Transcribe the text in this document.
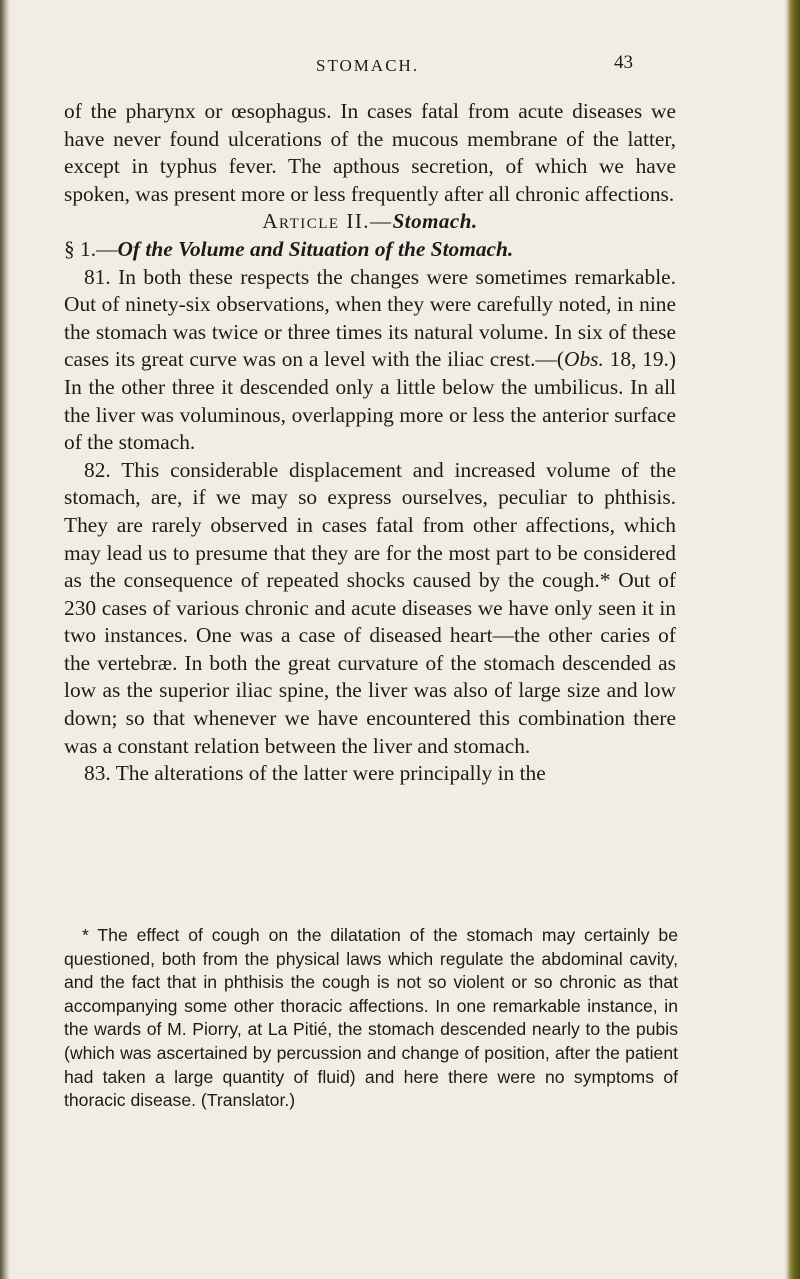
STOMACH.	43

of the pharynx or œsophagus. In cases fatal from acute diseases we have never found ulcerations of the mucous membrane of the latter, except in typhus fever. The apthous secretion, of which we have spoken, was present more or less frequently after all chronic affections.

Article II.—Stomach.

§ 1.—Of the Volume and Situation of the Stomach.

81. In both these respects the changes were sometimes remarkable. Out of ninety-six observations, when they were carefully noted, in nine the stomach was twice or three times its natural volume. In six of these cases its great curve was on a level with the iliac crest.—(Obs. 18, 19.) In the other three it descended only a little below the umbilicus. In all the liver was voluminous, overlapping more or less the anterior surface of the stomach.

82. This considerable displacement and increased volume of the stomach, are, if we may so express ourselves, peculiar to phthisis. They are rarely observed in cases fatal from other affections, which may lead us to presume that they are for the most part to be considered as the consequence of repeated shocks caused by the cough.* Out of 230 cases of various chronic and acute diseases we have only seen it in two instances. One was a case of diseased heart—the other caries of the vertebræ. In both the great curvature of the stomach descended as low as the superior iliac spine, the liver was also of large size and low down; so that whenever we have encountered this combination there was a constant relation between the liver and stomach.

83. The alterations of the latter were principally in the

* The effect of cough on the dilatation of the stomach may certainly be questioned, both from the physical laws which regulate the abdominal cavity, and the fact that in phthisis the cough is not so violent or so chronic as that accompanying some other thoracic affections. In one remarkable instance, in the wards of M. Piorry, at La Pitié, the stomach descended nearly to the pubis (which was ascertained by percussion and change of position, after the patient had taken a large quantity of fluid) and here there were no symptoms of thoracic disease. (Translator.)
